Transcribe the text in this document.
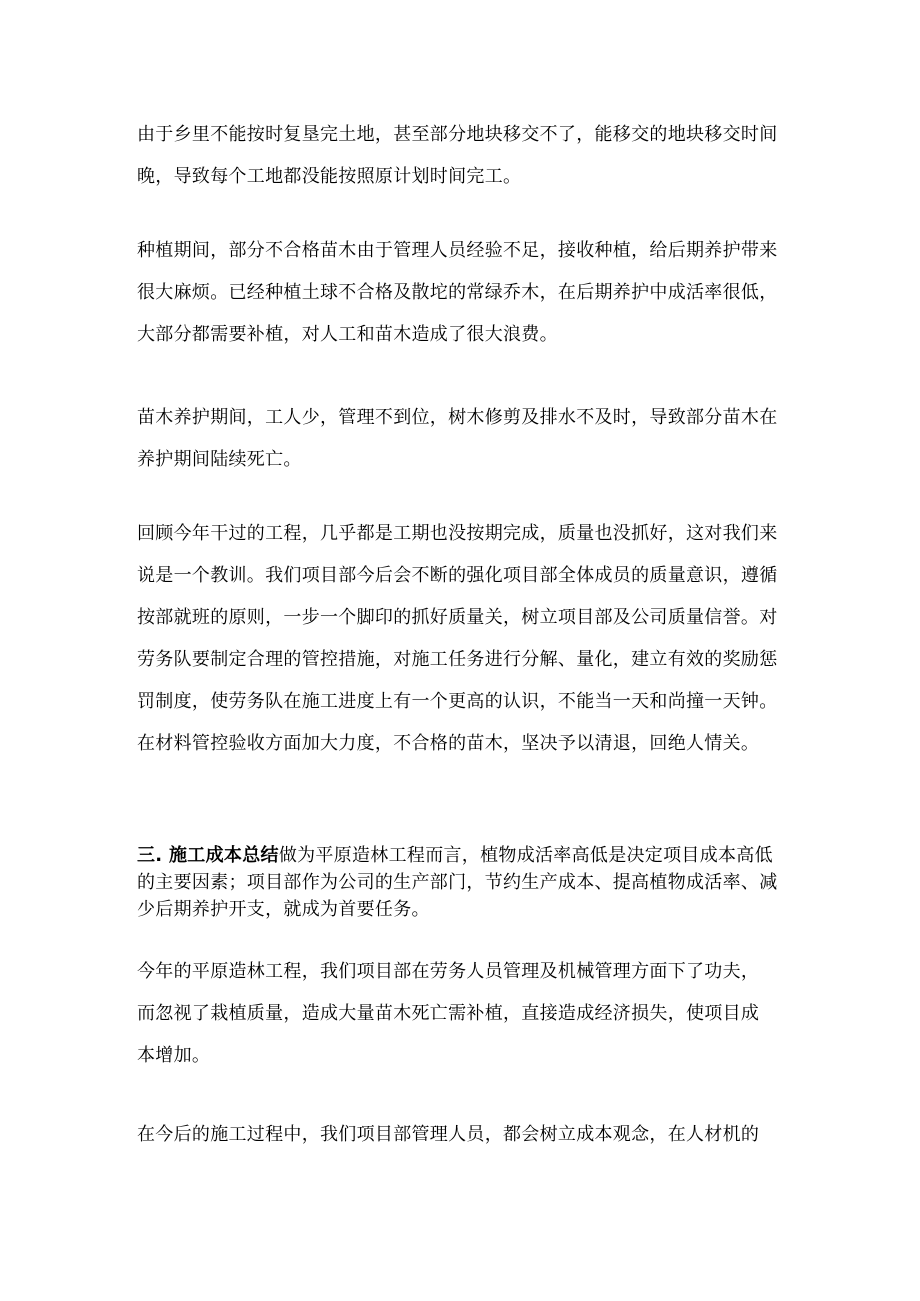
由于乡里不能按时复垦完土地，甚至部分地块移交不了，能移交的地块移交时间
晚，导致每个工地都没能按照原计划时间完工。
种植期间，部分不合格苗木由于管理人员经验不足，接收种植，给后期养护带来
很大麻烦。已经种植土球不合格及散坨的常绿乔木，在后期养护中成活率很低，
大部分都需要补植，对人工和苗木造成了很大浪费。
苗木养护期间，工人少，管理不到位，树木修剪及排水不及时，导致部分苗木在
养护期间陆续死亡。
回顾今年干过的工程，几乎都是工期也没按期完成，质量也没抓好，这对我们来
说是一个教训。我们项目部今后会不断的强化项目部全体成员的质量意识，遵循
按部就班的原则，一步一个脚印的抓好质量关，树立项目部及公司质量信誉。对
劳务队要制定合理的管控措施，对施工任务进行分解、量化，建立有效的奖励惩
罚制度，使劳务队在施工进度上有一个更高的认识，不能当一天和尚撞一天钟。
在材料管控验收方面加大力度，不合格的苗木，坚决予以清退，回绝人情关。
三. 施工成本总结做为平原造林工程而言，植物成活率高低是决定项目成本高低
的主要因素；项目部作为公司的生产部门，节约生产成本、提高植物成活率、减
少后期养护开支，就成为首要任务。
今年的平原造林工程，我们项目部在劳务人员管理及机械管理方面下了功夫，
而忽视了栽植质量，造成大量苗木死亡需补植，直接造成经济损失，使项目成
本增加。
在今后的施工过程中，我们项目部管理人员，都会树立成本观念，在人材机的
